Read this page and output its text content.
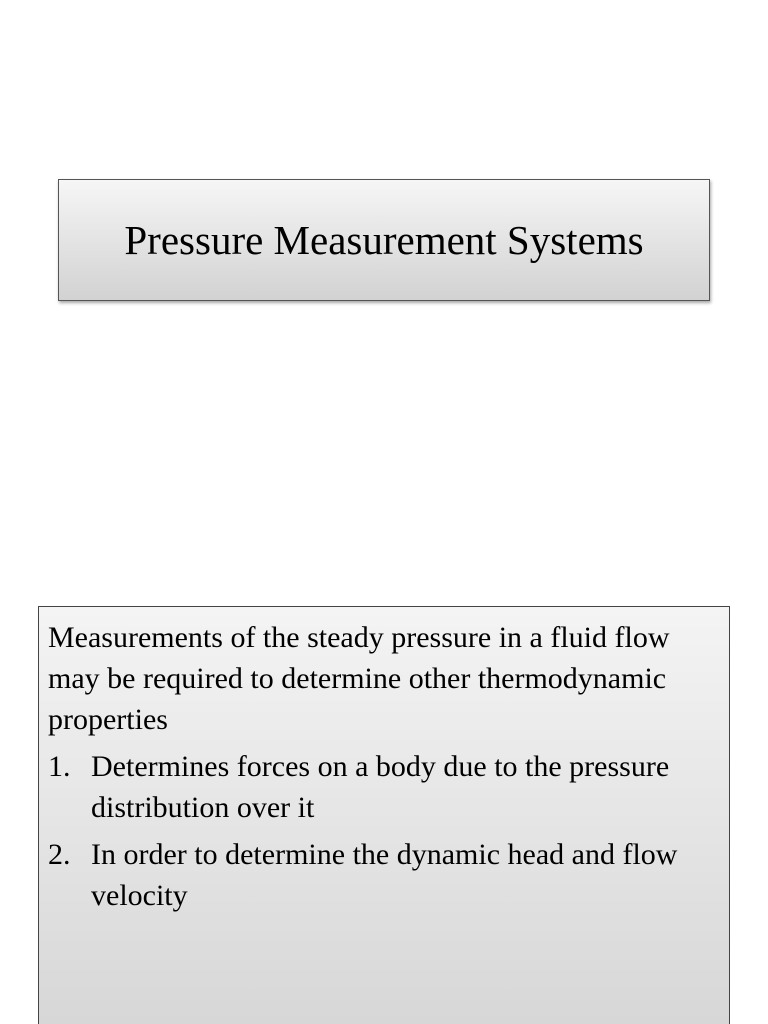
Pressure Measurement Systems

Measurements of the steady pressure in a fluid flow may be required to determine other thermodynamic properties

1. Determines forces on a body due to the pressure distribution over it
2. In order to determine the dynamic head and flow velocity
